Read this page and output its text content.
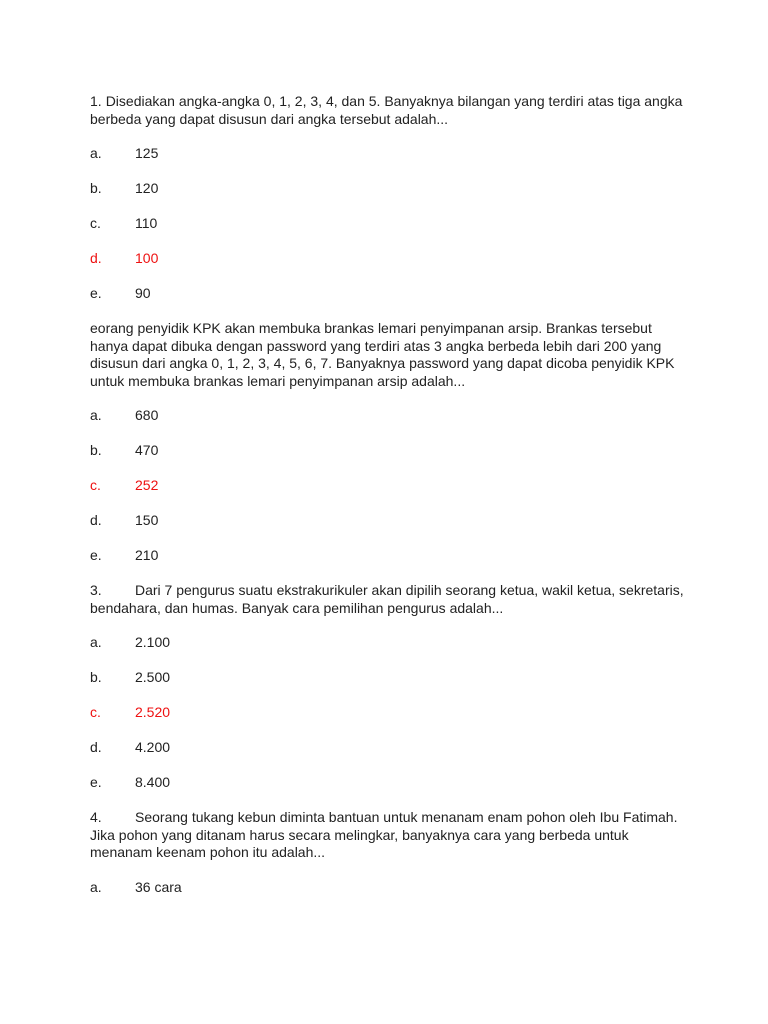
1. Disediakan angka-angka 0, 1, 2, 3, 4, dan 5. Banyaknya bilangan yang terdiri atas tiga angka berbeda yang dapat disusun dari angka tersebut adalah...
a. 125
b. 120
c. 110
d. 100
e. 90
eorang penyidik KPK akan membuka brankas lemari penyimpanan arsip. Brankas tersebut hanya dapat dibuka dengan password yang terdiri atas 3 angka berbeda lebih dari 200 yang disusun dari angka 0, 1, 2, 3, 4, 5, 6, 7. Banyaknya password yang dapat dicoba penyidik KPK untuk membuka brankas lemari penyimpanan arsip adalah...
a. 680
b. 470
c. 252
d. 150
e. 210
3. Dari 7 pengurus suatu ekstrakurikuler akan dipilih seorang ketua, wakil ketua, sekretaris, bendahara, dan humas. Banyak cara pemilihan pengurus adalah...
a. 2.100
b. 2.500
c. 2.520
d. 4.200
e. 8.400
4. Seorang tukang kebun diminta bantuan untuk menanam enam pohon oleh Ibu Fatimah. Jika pohon yang ditanam harus secara melingkar, banyaknya cara yang berbeda untuk menanam keenam pohon itu adalah...
a. 36 cara
